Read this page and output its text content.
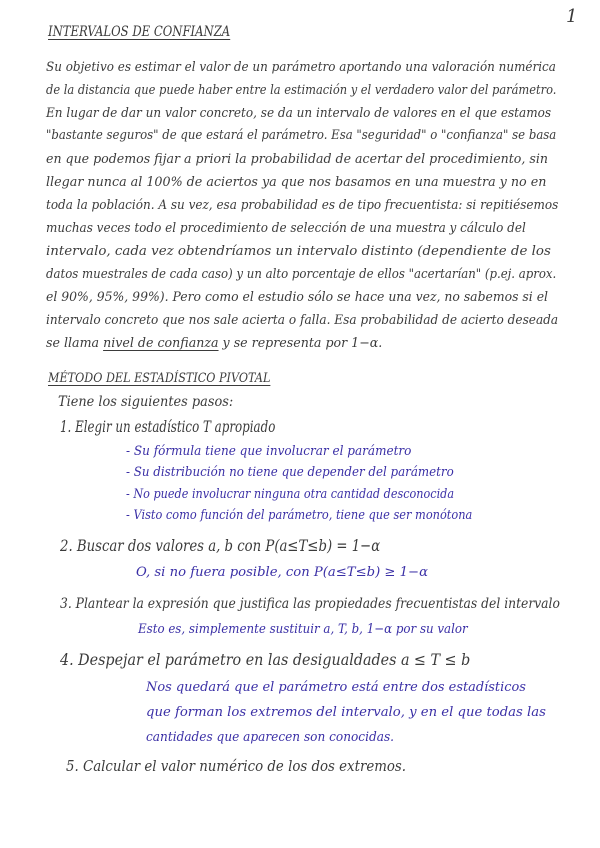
1
INTERVALOS DE CONFIANZA
Su objetivo es estimar el valor de un parámetro aportando una valoración numérica
de la distancia que puede haber entre la estimación y el verdadero valor del parámetro.
En lugar de dar un valor concreto, se da un intervalo de valores en el que estamos
"bastante seguros" de que estará el parámetro. Esa "seguridad" o "confianza" se basa
en que podemos fijar a priori la probabilidad de acertar del procedimiento, sin
llegar nunca al 100% de aciertos ya que nos basamos en una muestra y no en
toda la población. A su vez, esa probabilidad es de tipo frecuentista: si repitiésemos
muchas veces todo el procedimiento de selección de una muestra y cálculo del
intervalo, cada vez obtendríamos un intervalo distinto (dependiente de los
datos muestrales de cada caso) y un alto porcentaje de ellos "acertarían" (p.ej. aprox.
el 90%, 95%, 99%). Pero como el estudio sólo se hace una vez, no sabemos si el
intervalo concreto que nos sale acierta o falla. Esa probabilidad de acierto deseada
se llama nivel de confianza y se representa por 1−α.
MÉTODO DEL ESTADÍSTICO PIVOTAL
Tiene los siguientes pasos:
1. Elegir un estadístico T apropiado
- Su fórmula tiene que involucrar el parámetro
- Su distribución no tiene que depender del parámetro
- No puede involucrar ninguna otra cantidad desconocida
- Visto como función del parámetro, tiene que ser monótona
2. Buscar dos valores a, b con P(a≤T≤b) = 1−α
O, si no fuera posible, con P(a≤T≤b) ≥ 1−α
3. Plantear la expresión que justifica las propiedades frecuentistas del intervalo
Esto es, simplemente sustituir a, T, b, 1−α por su valor
4. Despejar el parámetro en las desigualdades a ≤ T ≤ b
Nos quedará que el parámetro está entre dos estadísticos
que forman los extremos del intervalo, y en el que todas las
cantidades que aparecen son conocidas.
5. Calcular el valor numérico de los dos extremos.
